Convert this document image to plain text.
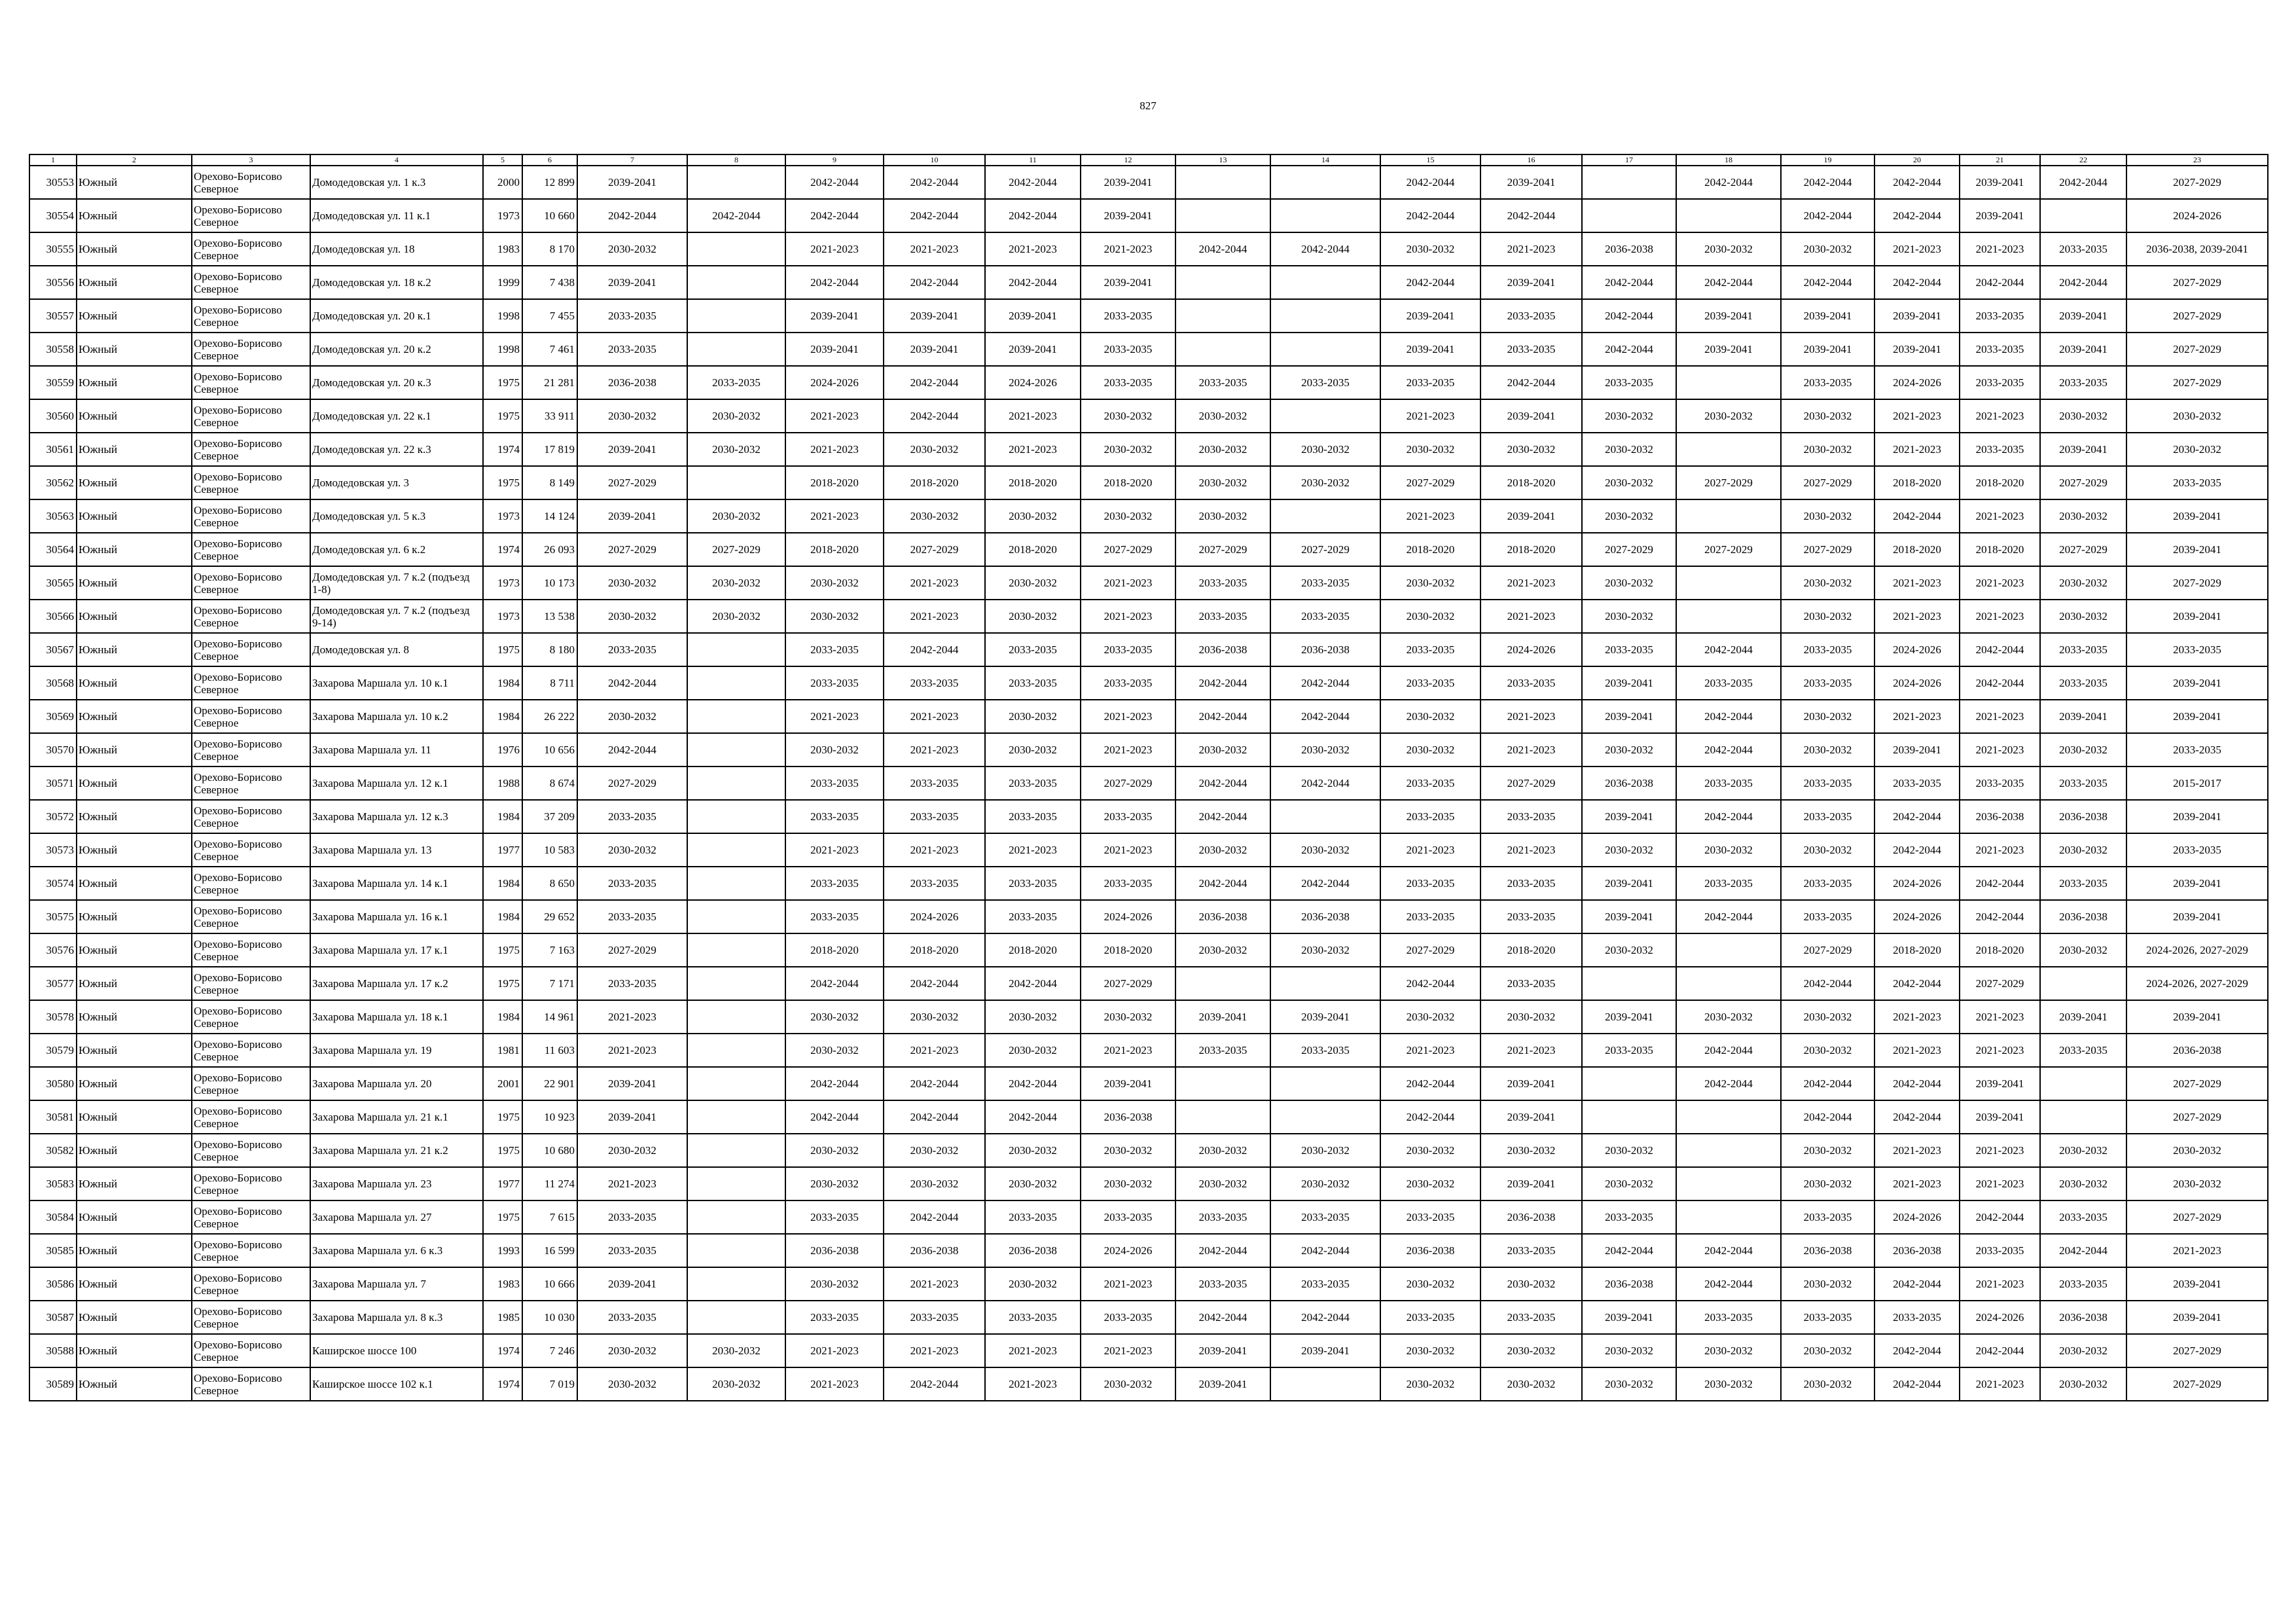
827
1	2	3	4	5	6	7	8	9	10	11	12	13	14	15	16	17	18	19	20	21	22	23
30553	Южный	Орехово-Борисово Северное	Домодедовская ул. 1 к.3	2000	12 899	2039-2041		2042-2044	2042-2044	2042-2044	2039-2041			2042-2044	2039-2041		2042-2044	2042-2044	2042-2044	2039-2041	2042-2044	2027-2029
30554	Южный	Орехово-Борисово Северное	Домодедовская ул. 11 к.1	1973	10 660	2042-2044	2042-2044	2042-2044	2042-2044	2042-2044	2039-2041			2042-2044	2042-2044			2042-2044	2042-2044	2039-2041		2024-2026
30555	Южный	Орехово-Борисово Северное	Домодедовская ул. 18	1983	8 170	2030-2032		2021-2023	2021-2023	2021-2023	2021-2023	2042-2044	2042-2044	2030-2032	2021-2023	2036-2038	2030-2032	2030-2032	2021-2023	2021-2023	2033-2035	2036-2038, 2039-2041
30556	Южный	Орехово-Борисово Северное	Домодедовская ул. 18 к.2	1999	7 438	2039-2041		2042-2044	2042-2044	2042-2044	2039-2041			2042-2044	2039-2041	2042-2044	2042-2044	2042-2044	2042-2044	2042-2044	2042-2044	2027-2029
30557	Южный	Орехово-Борисово Северное	Домодедовская ул. 20 к.1	1998	7 455	2033-2035		2039-2041	2039-2041	2039-2041	2033-2035			2039-2041	2033-2035	2042-2044	2039-2041	2039-2041	2039-2041	2033-2035	2039-2041	2027-2029
30558	Южный	Орехово-Борисово Северное	Домодедовская ул. 20 к.2	1998	7 461	2033-2035		2039-2041	2039-2041	2039-2041	2033-2035			2039-2041	2033-2035	2042-2044	2039-2041	2039-2041	2039-2041	2033-2035	2039-2041	2027-2029
30559	Южный	Орехово-Борисово Северное	Домодедовская ул. 20 к.3	1975	21 281	2036-2038	2033-2035	2024-2026	2042-2044	2024-2026	2033-2035	2033-2035	2033-2035	2033-2035	2042-2044	2033-2035		2033-2035	2024-2026	2033-2035	2033-2035	2027-2029
30560	Южный	Орехово-Борисово Северное	Домодедовская ул. 22 к.1	1975	33 911	2030-2032	2030-2032	2021-2023	2042-2044	2021-2023	2030-2032	2030-2032		2021-2023	2039-2041	2030-2032	2030-2032	2030-2032	2021-2023	2021-2023	2030-2032	2030-2032
30561	Южный	Орехово-Борисово Северное	Домодедовская ул. 22 к.3	1974	17 819	2039-2041	2030-2032	2021-2023	2030-2032	2021-2023	2030-2032	2030-2032	2030-2032	2030-2032	2030-2032	2030-2032		2030-2032	2021-2023	2033-2035	2039-2041	2030-2032
30562	Южный	Орехово-Борисово Северное	Домодедовская ул. 3	1975	8 149	2027-2029		2018-2020	2018-2020	2018-2020	2018-2020	2030-2032	2030-2032	2027-2029	2018-2020	2030-2032	2027-2029	2027-2029	2018-2020	2018-2020	2027-2029	2033-2035
30563	Южный	Орехово-Борисово Северное	Домодедовская ул. 5 к.3	1973	14 124	2039-2041	2030-2032	2021-2023	2030-2032	2030-2032	2030-2032	2030-2032		2021-2023	2039-2041	2030-2032		2030-2032	2042-2044	2021-2023	2030-2032	2039-2041
30564	Южный	Орехово-Борисово Северное	Домодедовская ул. 6 к.2	1974	26 093	2027-2029	2027-2029	2018-2020	2027-2029	2018-2020	2027-2029	2027-2029	2027-2029	2018-2020	2018-2020	2027-2029	2027-2029	2027-2029	2018-2020	2018-2020	2027-2029	2039-2041
30565	Южный	Орехово-Борисово Северное	Домодедовская ул. 7 к.2 (подъезд 1-8)	1973	10 173	2030-2032	2030-2032	2030-2032	2021-2023	2030-2032	2021-2023	2033-2035	2033-2035	2030-2032	2021-2023	2030-2032		2030-2032	2021-2023	2021-2023	2030-2032	2027-2029
30566	Южный	Орехово-Борисово Северное	Домодедовская ул. 7 к.2 (подъезд 9-14)	1973	13 538	2030-2032	2030-2032	2030-2032	2021-2023	2030-2032	2021-2023	2033-2035	2033-2035	2030-2032	2021-2023	2030-2032		2030-2032	2021-2023	2021-2023	2030-2032	2039-2041
30567	Южный	Орехово-Борисово Северное	Домодедовская ул. 8	1975	8 180	2033-2035		2033-2035	2042-2044	2033-2035	2033-2035	2036-2038	2036-2038	2033-2035	2024-2026	2033-2035	2042-2044	2033-2035	2024-2026	2042-2044	2033-2035	2033-2035
30568	Южный	Орехово-Борисово Северное	Захарова Маршала ул. 10 к.1	1984	8 711	2042-2044		2033-2035	2033-2035	2033-2035	2033-2035	2042-2044	2042-2044	2033-2035	2033-2035	2039-2041	2033-2035	2033-2035	2024-2026	2042-2044	2033-2035	2039-2041
30569	Южный	Орехово-Борисово Северное	Захарова Маршала ул. 10 к.2	1984	26 222	2030-2032		2021-2023	2021-2023	2030-2032	2021-2023	2042-2044	2042-2044	2030-2032	2021-2023	2039-2041	2042-2044	2030-2032	2021-2023	2021-2023	2039-2041	2039-2041
30570	Южный	Орехово-Борисово Северное	Захарова Маршала ул. 11	1976	10 656	2042-2044		2030-2032	2021-2023	2030-2032	2021-2023	2030-2032	2030-2032	2030-2032	2021-2023	2030-2032	2042-2044	2030-2032	2039-2041	2021-2023	2030-2032	2033-2035
30571	Южный	Орехово-Борисово Северное	Захарова Маршала ул. 12 к.1	1988	8 674	2027-2029		2033-2035	2033-2035	2033-2035	2027-2029	2042-2044	2042-2044	2033-2035	2027-2029	2036-2038	2033-2035	2033-2035	2033-2035	2033-2035	2033-2035	2015-2017
30572	Южный	Орехово-Борисово Северное	Захарова Маршала ул. 12 к.3	1984	37 209	2033-2035		2033-2035	2033-2035	2033-2035	2033-2035	2042-2044		2033-2035	2033-2035	2039-2041	2042-2044	2033-2035	2042-2044	2036-2038	2036-2038	2039-2041
30573	Южный	Орехово-Борисово Северное	Захарова Маршала ул. 13	1977	10 583	2030-2032		2021-2023	2021-2023	2021-2023	2021-2023	2030-2032	2030-2032	2021-2023	2021-2023	2030-2032	2030-2032	2030-2032	2042-2044	2021-2023	2030-2032	2033-2035
30574	Южный	Орехово-Борисово Северное	Захарова Маршала ул. 14 к.1	1984	8 650	2033-2035		2033-2035	2033-2035	2033-2035	2033-2035	2042-2044	2042-2044	2033-2035	2033-2035	2039-2041	2033-2035	2033-2035	2024-2026	2042-2044	2033-2035	2039-2041
30575	Южный	Орехово-Борисово Северное	Захарова Маршала ул. 16 к.1	1984	29 652	2033-2035		2033-2035	2024-2026	2033-2035	2024-2026	2036-2038	2036-2038	2033-2035	2033-2035	2039-2041	2042-2044	2033-2035	2024-2026	2042-2044	2036-2038	2039-2041
30576	Южный	Орехово-Борисово Северное	Захарова Маршала ул. 17 к.1	1975	7 163	2027-2029		2018-2020	2018-2020	2018-2020	2018-2020	2030-2032	2030-2032	2027-2029	2018-2020	2030-2032		2027-2029	2018-2020	2018-2020	2030-2032	2024-2026, 2027-2029
30577	Южный	Орехово-Борисово Северное	Захарова Маршала ул. 17 к.2	1975	7 171	2033-2035		2042-2044	2042-2044	2042-2044	2027-2029			2042-2044	2033-2035			2042-2044	2042-2044	2027-2029		2024-2026, 2027-2029
30578	Южный	Орехово-Борисово Северное	Захарова Маршала ул. 18 к.1	1984	14 961	2021-2023		2030-2032	2030-2032	2030-2032	2030-2032	2039-2041	2039-2041	2030-2032	2030-2032	2039-2041	2030-2032	2030-2032	2021-2023	2021-2023	2039-2041	2039-2041
30579	Южный	Орехово-Борисово Северное	Захарова Маршала ул. 19	1981	11 603	2021-2023		2030-2032	2021-2023	2030-2032	2021-2023	2033-2035	2033-2035	2021-2023	2021-2023	2033-2035	2042-2044	2030-2032	2021-2023	2021-2023	2033-2035	2036-2038
30580	Южный	Орехово-Борисово Северное	Захарова Маршала ул. 20	2001	22 901	2039-2041		2042-2044	2042-2044	2042-2044	2039-2041			2042-2044	2039-2041		2042-2044	2042-2044	2042-2044	2039-2041		2027-2029
30581	Южный	Орехово-Борисово Северное	Захарова Маршала ул. 21 к.1	1975	10 923	2039-2041		2042-2044	2042-2044	2042-2044	2036-2038			2042-2044	2039-2041			2042-2044	2042-2044	2039-2041		2027-2029
30582	Южный	Орехово-Борисово Северное	Захарова Маршала ул. 21 к.2	1975	10 680	2030-2032		2030-2032	2030-2032	2030-2032	2030-2032	2030-2032	2030-2032	2030-2032	2030-2032	2030-2032		2030-2032	2021-2023	2021-2023	2030-2032	2030-2032
30583	Южный	Орехово-Борисово Северное	Захарова Маршала ул. 23	1977	11 274	2021-2023		2030-2032	2030-2032	2030-2032	2030-2032	2030-2032	2030-2032	2030-2032	2039-2041	2030-2032		2030-2032	2021-2023	2021-2023	2030-2032	2030-2032
30584	Южный	Орехово-Борисово Северное	Захарова Маршала ул. 27	1975	7 615	2033-2035		2033-2035	2042-2044	2033-2035	2033-2035	2033-2035	2033-2035	2033-2035	2036-2038	2033-2035		2033-2035	2024-2026	2042-2044	2033-2035	2027-2029
30585	Южный	Орехово-Борисово Северное	Захарова Маршала ул. 6 к.3	1993	16 599	2033-2035		2036-2038	2036-2038	2036-2038	2024-2026	2042-2044	2042-2044	2036-2038	2033-2035	2042-2044	2042-2044	2036-2038	2036-2038	2033-2035	2042-2044	2021-2023
30586	Южный	Орехово-Борисово Северное	Захарова Маршала ул. 7	1983	10 666	2039-2041		2030-2032	2021-2023	2030-2032	2021-2023	2033-2035	2033-2035	2030-2032	2030-2032	2036-2038	2042-2044	2030-2032	2042-2044	2021-2023	2033-2035	2039-2041
30587	Южный	Орехово-Борисово Северное	Захарова Маршала ул. 8 к.3	1985	10 030	2033-2035		2033-2035	2033-2035	2033-2035	2033-2035	2042-2044	2042-2044	2033-2035	2033-2035	2039-2041	2033-2035	2033-2035	2033-2035	2024-2026	2036-2038	2039-2041
30588	Южный	Орехово-Борисово Северное	Каширское шоссе 100	1974	7 246	2030-2032	2030-2032	2021-2023	2021-2023	2021-2023	2021-2023	2039-2041	2039-2041	2030-2032	2030-2032	2030-2032	2030-2032	2030-2032	2042-2044	2042-2044	2030-2032	2027-2029
30589	Южный	Орехово-Борисово Северное	Каширское шоссе 102 к.1	1974	7 019	2030-2032	2030-2032	2021-2023	2042-2044	2021-2023	2030-2032	2039-2041		2030-2032	2030-2032	2030-2032	2030-2032	2030-2032	2042-2044	2021-2023	2030-2032	2027-2029
